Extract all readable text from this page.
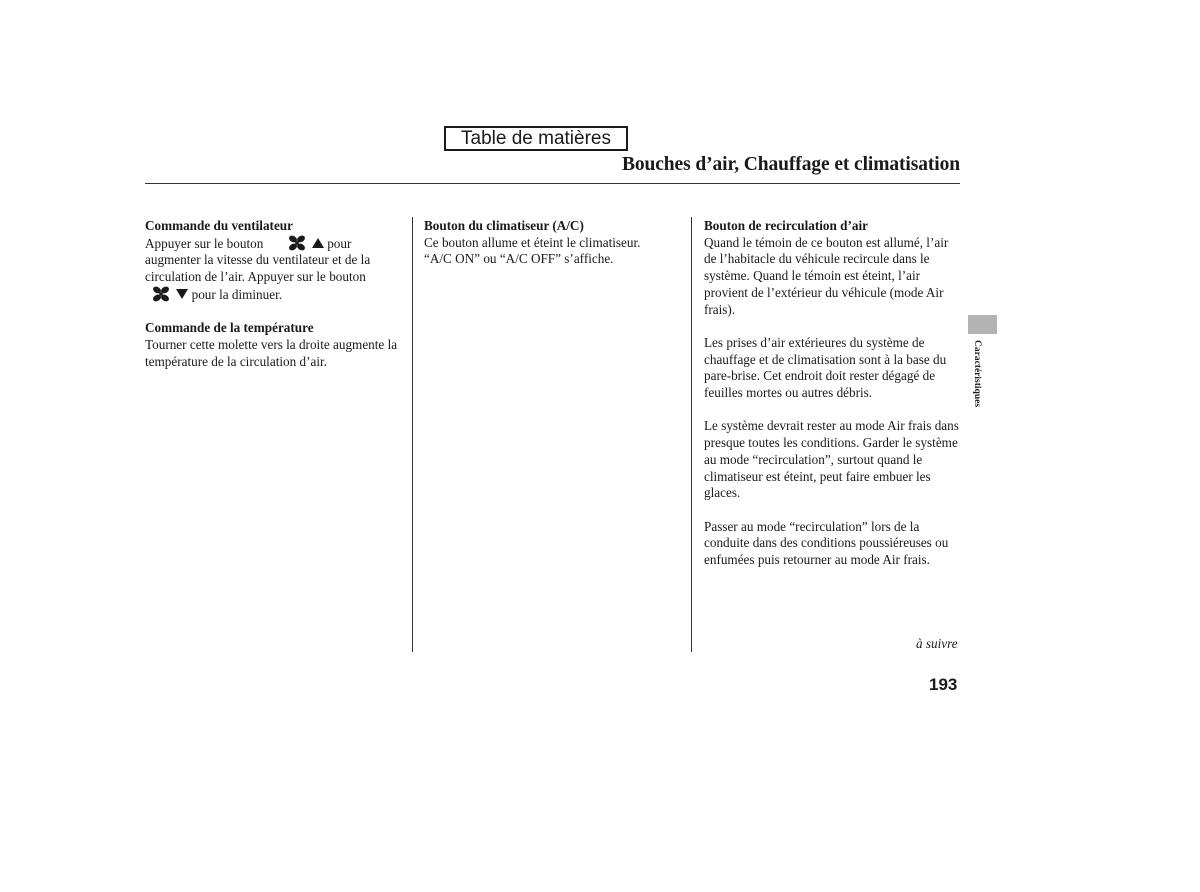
Table de matières
Bouches d’air, Chauffage et climatisation

Commande du ventilateur
Appuyer sur le bouton	pour
augmenter la vitesse du ventilateur et de la
circulation de l’air. Appuyer sur le bouton
pour la diminuer.

Commande de la température
Tourner cette molette vers la droite augmente la température de la circulation d’air.

Bouton du climatiseur (A/C)
Ce bouton allume et éteint le climatiseur.
“A/C ON” ou “A/C OFF” s’affiche.

Bouton de recirculation d’air
Quand le témoin de ce bouton est allumé, l’air de l’habitacle du véhicule recircule dans le système. Quand le témoin est éteint, l’air provient de l’extérieur du véhicule (mode Air frais).

Les prises d’air extérieures du système de chauffage et de climatisation sont à la base du pare-brise. Cet endroit doit rester dégagé de feuilles mortes ou autres débris.

Le système devrait rester au mode Air frais dans presque toutes les conditions. Garder le système au mode “recirculation”, surtout quand le climatiseur est éteint, peut faire embuer les glaces.

Passer au mode “recirculation” lors de la conduite dans des conditions poussiéreuses ou enfumées puis retourner au mode Air frais.

à suivre
193
Caractéristiques
